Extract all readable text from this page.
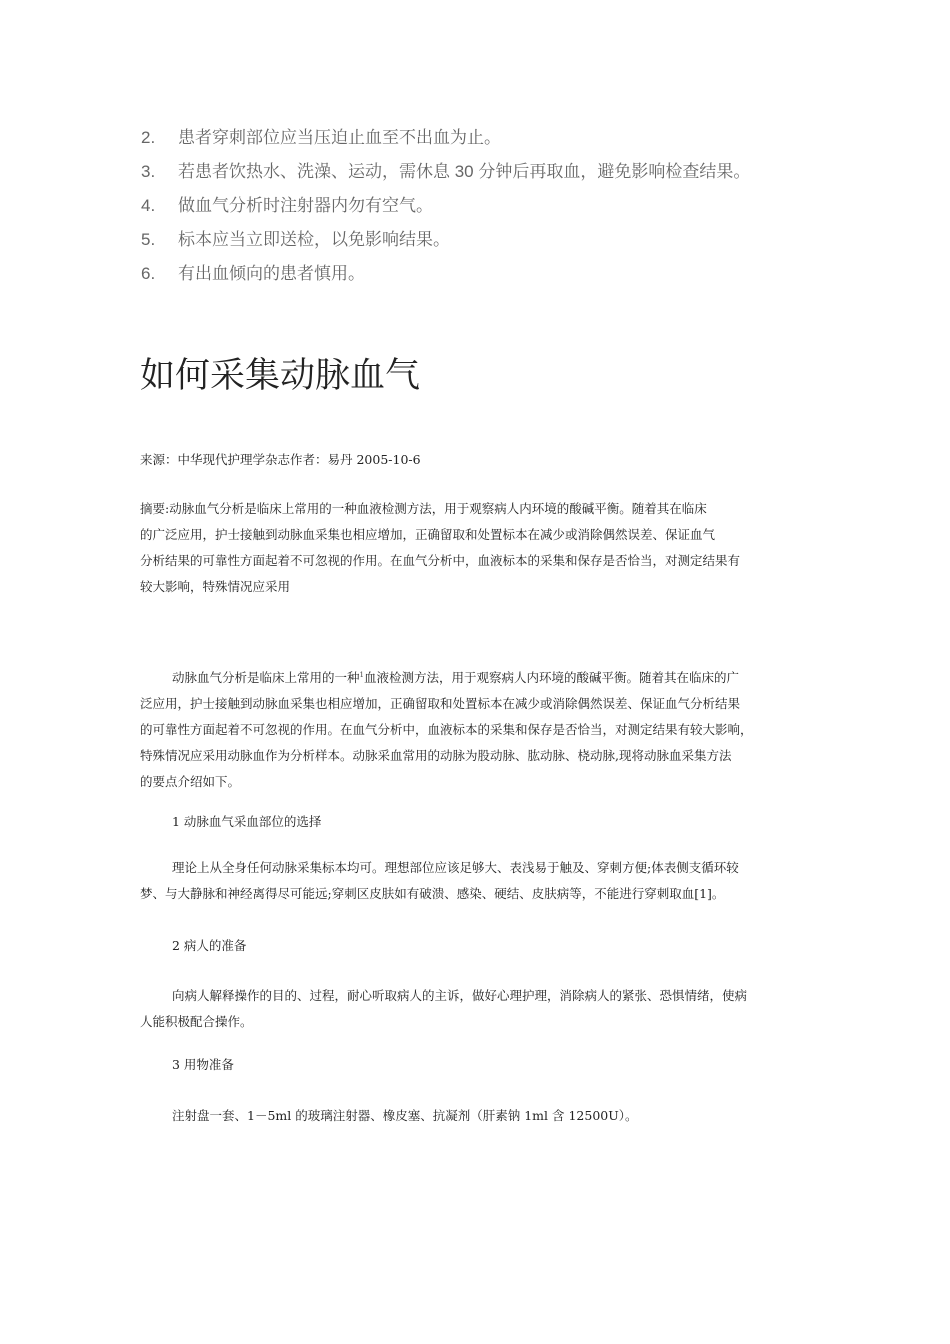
2. 患者穿刺部位应当压迫止血至不出血为止。
3. 若患者饮热水、洗澡、运动，需休息 30 分钟后再取血，避免影响检查结果。
4. 做血气分析时注射器内勿有空气。
5. 标本应当立即送检，以免影响结果。
6. 有出血倾向的患者慎用。
如何采集动脉血气
来源：中华现代护理学杂志作者：易丹 2005-10-6
摘要:动脉血气分析是临床上常用的一种血液检测方法，用于观察病人内环境的酸碱平衡。随着其在临床
的广泛应用，护士接触到动脉血采集也相应增加，正确留取和处置标本在减少或消除偶然误差、保证血气
分析结果的可靠性方面起着不可忽视的作用。在血气分析中，血液标本的采集和保存是否恰当，对测定结果有
较大影响，特殊情况应采用
动脉血气分析是临床上常用的一种$^1$血液检测方法，用于观察病人内环境的酸碱平衡。随着其在临床的广
泛应用，护士接触到动脉血采集也相应增加，正确留取和处置标本在减少或消除偶然误差、保证血气分析结果
的可靠性方面起着不可忽视的作用。在血气分析中，血液标本的采集和保存是否恰当，对测定结果有较大影响，
特殊情况应采用动脉血作为分析样本。动脉采血常用的动脉为股动脉、肱动脉、桡动脉,现将动脉血采集方法
的要点介绍如下。
1 动脉血气采血部位的选择
理论上从全身任何动脉采集标本均可。理想部位应该足够大、表浅易于触及、穿刺方便;体表侧支循环较
梦、与大静脉和神经离得尽可能远;穿刺区皮肤如有破溃、感染、硬结、皮肤病等，不能进行穿刺取血[1]。
2 病人的准备
向病人解释操作的目的、过程，耐心听取病人的主诉，做好心理护理，消除病人的紧张、恐惧情绪，使病
人能积极配合操作。
3 用物准备
注射盘一套、1－5ml 的玻璃注射器、橡皮塞、抗凝剂（肝素钠 1ml 含 12500U）。
